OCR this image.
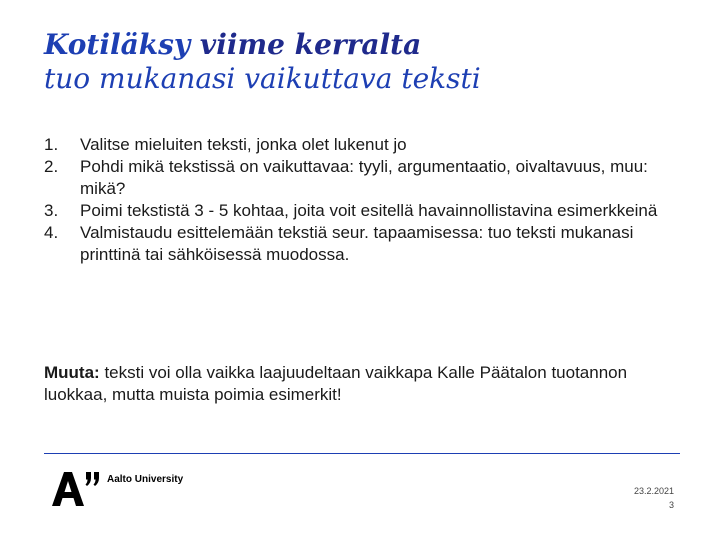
Kotiläksy viime kerralta
tuo mukanasi vaikuttava teksti
1. Valitse mieluiten teksti, jonka olet lukenut jo
2. Pohdi mikä tekstissä on vaikuttavaa: tyyli, argumentaatio, oivaltavuus, muu: mikä?
3. Poimi tekstistä 3 - 5 kohtaa, joita voit esitellä havainnollistavina esimerkkeinä
4. Valmistaudu esittelemään tekstiä seur. tapaamisessa: tuo teksti mukanasi printtinä tai sähköisessä muodossa.
Muuta: teksti voi olla vaikka laajuudeltaan vaikkapa Kalle Päätalon tuotannon luokkaa, mutta muista poimia esimerkit!
Aalto University
23.2.2021
3
